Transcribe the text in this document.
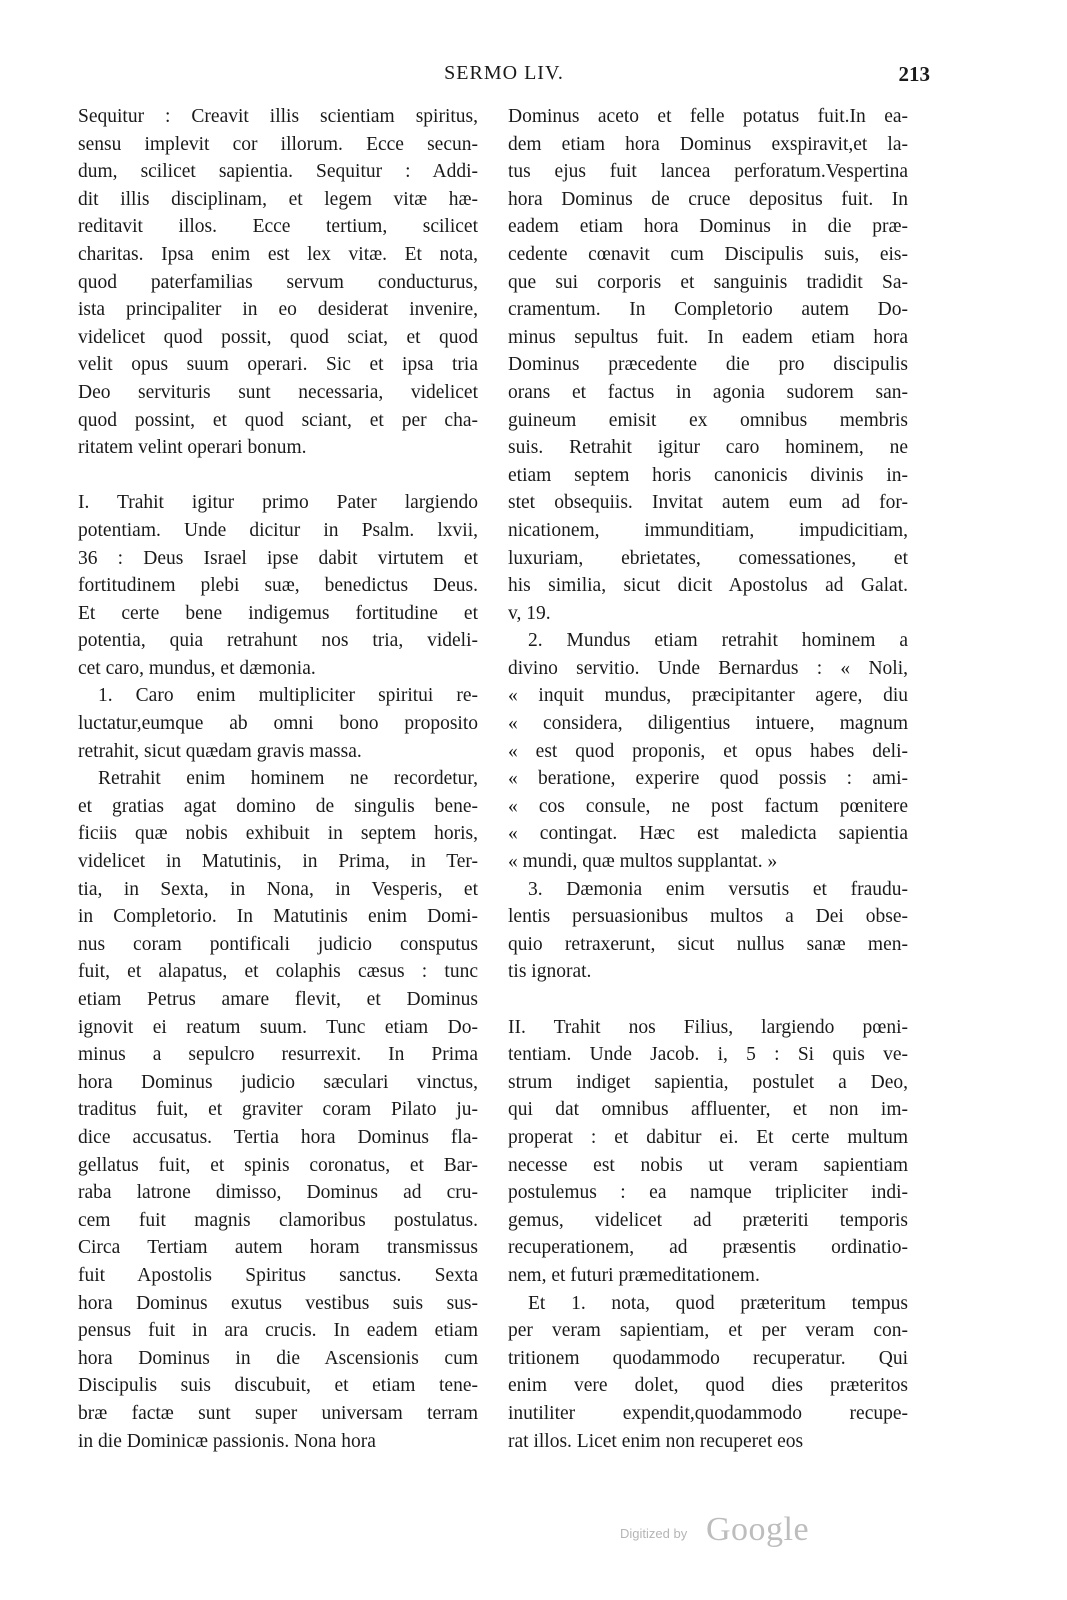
SERMO LIV.	213
Sequitur : Creavit illis scientiam spiritus,
sensu implevit cor illorum. Ecce secun-
dum, scilicet sapientia. Sequitur : Addi-
dit illis disciplinam, et legem vitæ hæ-
reditavit illos. Ecce tertium, scilicet
charitas. Ipsa enim est lex vitæ. Et nota,
quod paterfamilias servum conducturus,
ista principaliter in eo desiderat invenire,
videlicet quod possit, quod sciat, et quod
velit opus suum operari. Sic et ipsa tria
Deo servituris sunt necessaria, videlicet
quod possint, et quod sciant, et per cha-
ritatem velint operari bonum.
I. Trahit igitur primo Pater largiendo
potentiam. Unde dicitur in Psalm. lxvii,
36 : Deus Israel ipse dabit virtutem et
fortitudinem plebi suæ, benedictus Deus.
Et certe bene indigemus fortitudine et
potentia, quia retrahunt nos tria, videli-
cet caro, mundus, et dæmonia.
1. Caro enim multipliciter spiritui re-
luctatur,eumque ab omni bono proposito
retrahit, sicut quædam gravis massa.
Retrahit enim hominem ne recordetur,
et gratias agat domino de singulis bene-
ficiis quæ nobis exhibuit in septem horis,
videlicet in Matutinis, in Prima, in Ter-
tia, in Sexta, in Nona, in Vesperis, et
in Completorio. In Matutinis enim Domi-
nus coram pontificali judicio consputus
fuit, et alapatus, et colaphis cæsus : tunc
etiam Petrus amare flevit, et Dominus
ignovit ei reatum suum. Tunc etiam Do-
minus a sepulcro resurrexit. In Prima
hora Dominus judicio sæculari vinctus,
traditus fuit, et graviter coram Pilato ju-
dice accusatus. Tertia hora Dominus fla-
gellatus fuit, et spinis coronatus, et Bar-
raba latrone dimisso, Dominus ad cru-
cem fuit magnis clamoribus postulatus.
Circa Tertiam autem horam transmissus
fuit Apostolis Spiritus sanctus. Sexta
hora Dominus exutus vestibus suis sus-
pensus fuit in ara crucis. In eadem etiam
hora Dominus in die Ascensionis cum
Discipulis suis discubuit, et etiam tene-
bræ factæ sunt super universam terram
in die Dominicæ passionis. Nona hora
Dominus aceto et felle potatus fuit.In ea-
dem etiam hora Dominus exspiravit,et la-
tus ejus fuit lancea perforatum.Vespertina
hora Dominus de cruce depositus fuit. In
eadem etiam hora Dominus in die præ-
cedente cœnavit cum Discipulis suis, eis-
que sui corporis et sanguinis tradidit Sa-
cramentum. In Completorio autem Do-
minus sepultus fuit. In eadem etiam hora
Dominus præcedente die pro discipulis
orans et factus in agonia sudorem san-
guineum emisit ex omnibus membris
suis. Retrahit igitur caro hominem, ne
etiam septem horis canonicis divinis in-
stet obsequiis. Invitat autem eum ad for-
nicationem, immunditiam, impudicitiam,
luxuriam, ebrietates, comessationes, et
his similia, sicut dicit Apostolus ad Galat.
v, 19.
2. Mundus etiam retrahit hominem a
divino servitio. Unde Bernardus : « Noli,
« inquit mundus, præcipitanter agere, diu
« considera, diligentius intuere, magnum
« est quod proponis, et opus habes deli-
« beratione, experire quod possis : ami-
« cos consule, ne post factum pœnitere
« contingat. Hæc est maledicta sapientia
« mundi, quæ multos supplantat. »
3. Dæmonia enim versutis et fraudu-
lentis persuasionibus multos a Dei obse-
quio retraxerunt, sicut nullus sanæ men-
tis ignorat.
II. Trahit nos Filius, largiendo pœni-
tentiam. Unde Jacob. i, 5 : Si quis ve-
strum indiget sapientia, postulet a Deo,
qui dat omnibus affluenter, et non im-
properat : et dabitur ei. Et certe multum
necesse est nobis ut veram sapientiam
postulemus : ea namque tripliciter indi-
gemus, videlicet ad præteriti temporis
recuperationem, ad præsentis ordinatio-
nem, et futuri præmeditationem.
Et 1. nota, quod præteritum tempus
per veram sapientiam, et per veram con-
tritionem quodammodo recuperatur. Qui
enim vere dolet, quod dies præteritos
inutiliter expendit,quodammodo recupe-
rat illos. Licet enim non recuperet eos
Digitized by Google
